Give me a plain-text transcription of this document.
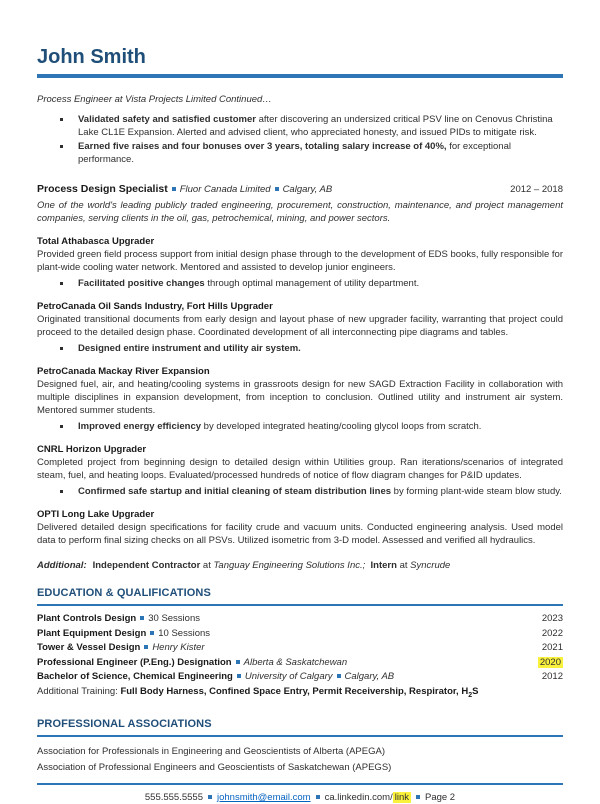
John Smith
Process Engineer at Vista Projects Limited Continued…
Validated safety and satisfied customer after discovering an undersized critical PSV line on Cenovus Christina Lake CL1E Expansion. Alerted and advised client, who appreciated honesty, and issued PIDs to mitigate risk.
Earned five raises and four bonuses over 3 years, totaling salary increase of 40%, for exceptional performance.
Process Design Specialist Fluor Canada Limited Calgary, AB	2012 – 2018

One of the world's leading publicly traded engineering, procurement, construction, maintenance, and project management companies, serving clients in the oil, gas, petrochemical, mining, and power sectors.

Total Athabasca Upgrader

Provided green field process support from initial design phase through to the development of EDS books, fully responsible for plant-wide cooling water network. Mentored and assisted to develop junior engineers.

Facilitated positive changes through optimal management of utility department.
PetroCanada Oil Sands Industry, Fort Hills Upgrader

Originated transitional documents from early design and layout phase of new upgrader facility, warranting that project could proceed to the detailed design phase. Coordinated development of all interconnecting pipe diagrams and tables.

Designed entire instrument and utility air system.
PetroCanada Mackay River Expansion

Designed fuel, air, and heating/cooling systems in grassroots design for new SAGD Extraction Facility in collaboration with multiple disciplines in expansion development, from inception to conclusion. Outlined utility and instrument air system. Mentored summer students.

Improved energy efficiency by developed integrated heating/cooling glycol loops from scratch.
CNRL Horizon Upgrader

Completed project from beginning design to detailed design within Utilities group. Ran iterations/scenarios of integrated steam, fuel, and heating loops. Evaluated/processed hundreds of notice of flow diagram changes for P&ID updates.

Confirmed safe startup and initial cleaning of steam distribution lines by forming plant-wide steam blow study.
OPTI Long Lake Upgrader

Delivered detailed design specifications for facility crude and vacuum units. Conducted engineering analysis. Used model data to perform final sizing checks on all PSVs. Utilized isometric from 3-D model. Assessed and verified all hydraulics.

Additional: Independent Contractor at Tanguay Engineering Solutions Inc.; Intern at Syncrude

EDUCATION & QUALIFICATIONS
Plant Controls Design 30 Sessions	2023
Plant Equipment Design 10 Sessions	2022
Tower & Vessel Design Henry Kister	2021
Professional Engineer (P.Eng.) Designation Alberta & Saskatchewan	2020
Bachelor of Science, Chemical Engineering University of Calgary Calgary, AB	2012
Additional Training: Full Body Harness, Confined Space Entry, Permit Receivership, Respirator, $H_2S$
PROFESSIONAL ASSOCIATIONS
Association for Professionals in Engineering and Geoscientists of Alberta (APEGA)
Association of Professional Engineers and Geoscientists of Saskatchewan (APEGS)
555.555.5555 johnsmith@email.com ca.linkedin.com/ link Page 2
